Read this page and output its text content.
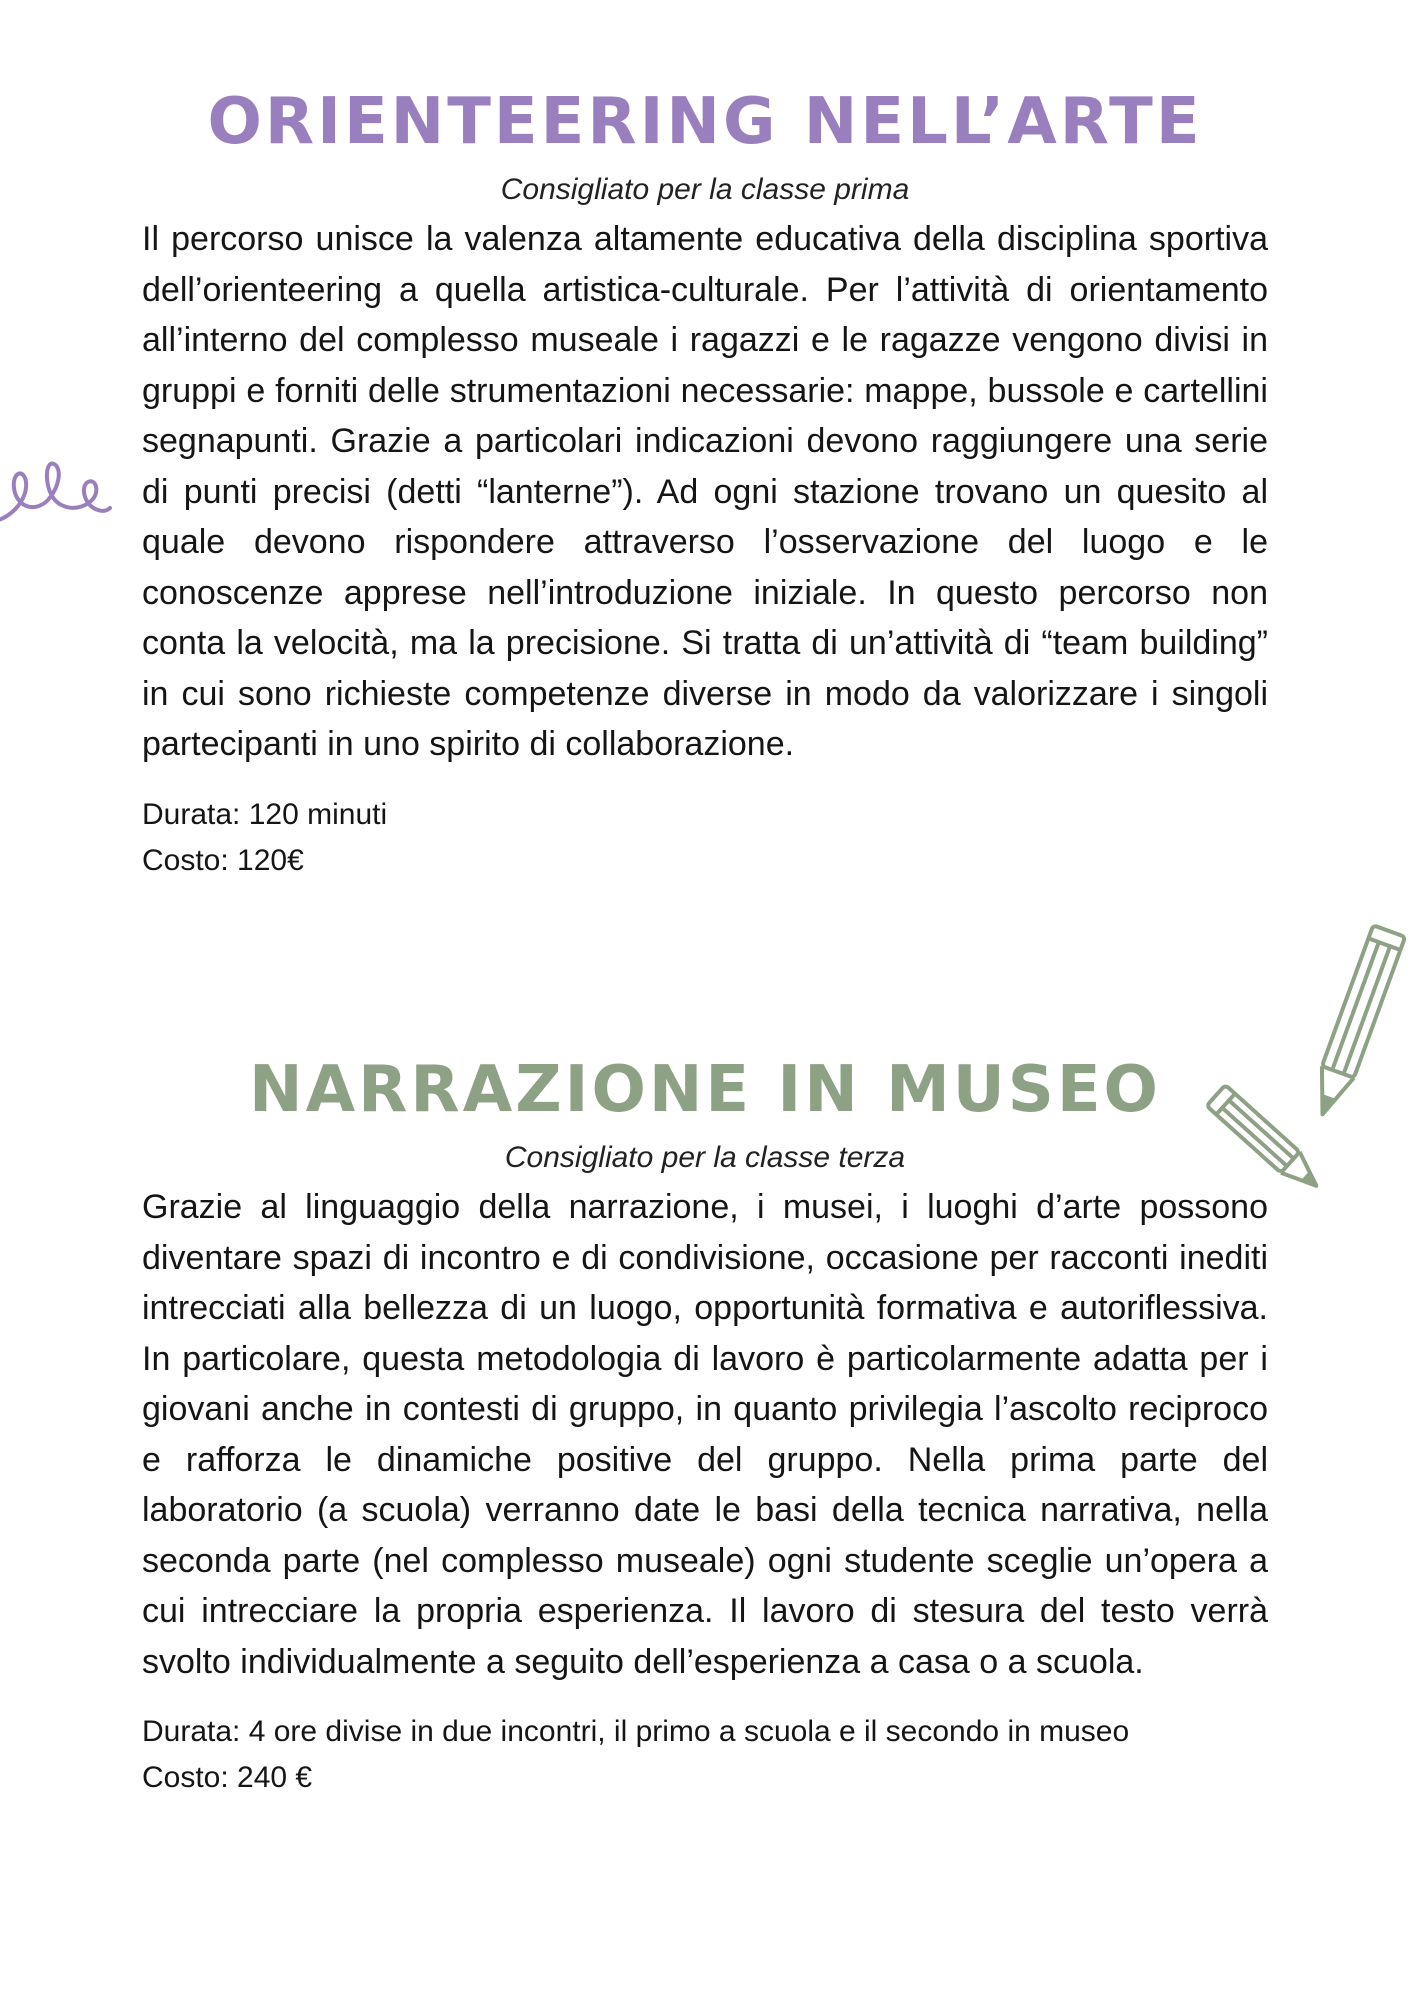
ORIENTEERING NELL’ARTE
Consigliato per la classe prima

Il percorso unisce la valenza altamente educativa della disciplina sportiva dell’orienteering a quella artistica-culturale. Per l’attività di orientamento all’interno del complesso museale i ragazzi e le ragazze vengono divisi in gruppi e forniti delle strumentazioni necessarie: mappe, bussole e cartellini segnapunti. Grazie a particolari indicazioni devono raggiungere una serie di punti precisi (detti “lanterne”). Ad ogni stazione trovano un quesito al quale devono rispondere attraverso l’osservazione del luogo e le conoscenze apprese nell’introduzione iniziale. In questo percorso non conta la velocità, ma la precisione. Si tratta di un’attività di “team building” in cui sono richieste competenze diverse in modo da valorizzare i singoli partecipanti in uno spirito di collaborazione.

Durata: 120 minuti
Costo: 120€
NARRAZIONE IN MUSEO
Consigliato per la classe terza

Grazie al linguaggio della narrazione, i musei, i luoghi d’arte possono diventare spazi di incontro e di condivisione, occasione per racconti inediti intrecciati alla bellezza di un luogo, opportunità formativa e autoriflessiva. In particolare, questa metodologia di lavoro è particolarmente adatta per i giovani anche in contesti di gruppo, in quanto privilegia l’ascolto reciproco e rafforza le dinamiche positive del gruppo. Nella prima parte del laboratorio (a scuola) verranno date le basi della tecnica narrativa, nella seconda parte (nel complesso museale) ogni studente sceglie un’opera a cui intrecciare la propria esperienza. Il lavoro di stesura del testo verrà svolto individualmente a seguito dell’esperienza a casa o a scuola.

Durata: 4 ore divise in due incontri, il primo a scuola e il secondo in museo
Costo: 240 €
